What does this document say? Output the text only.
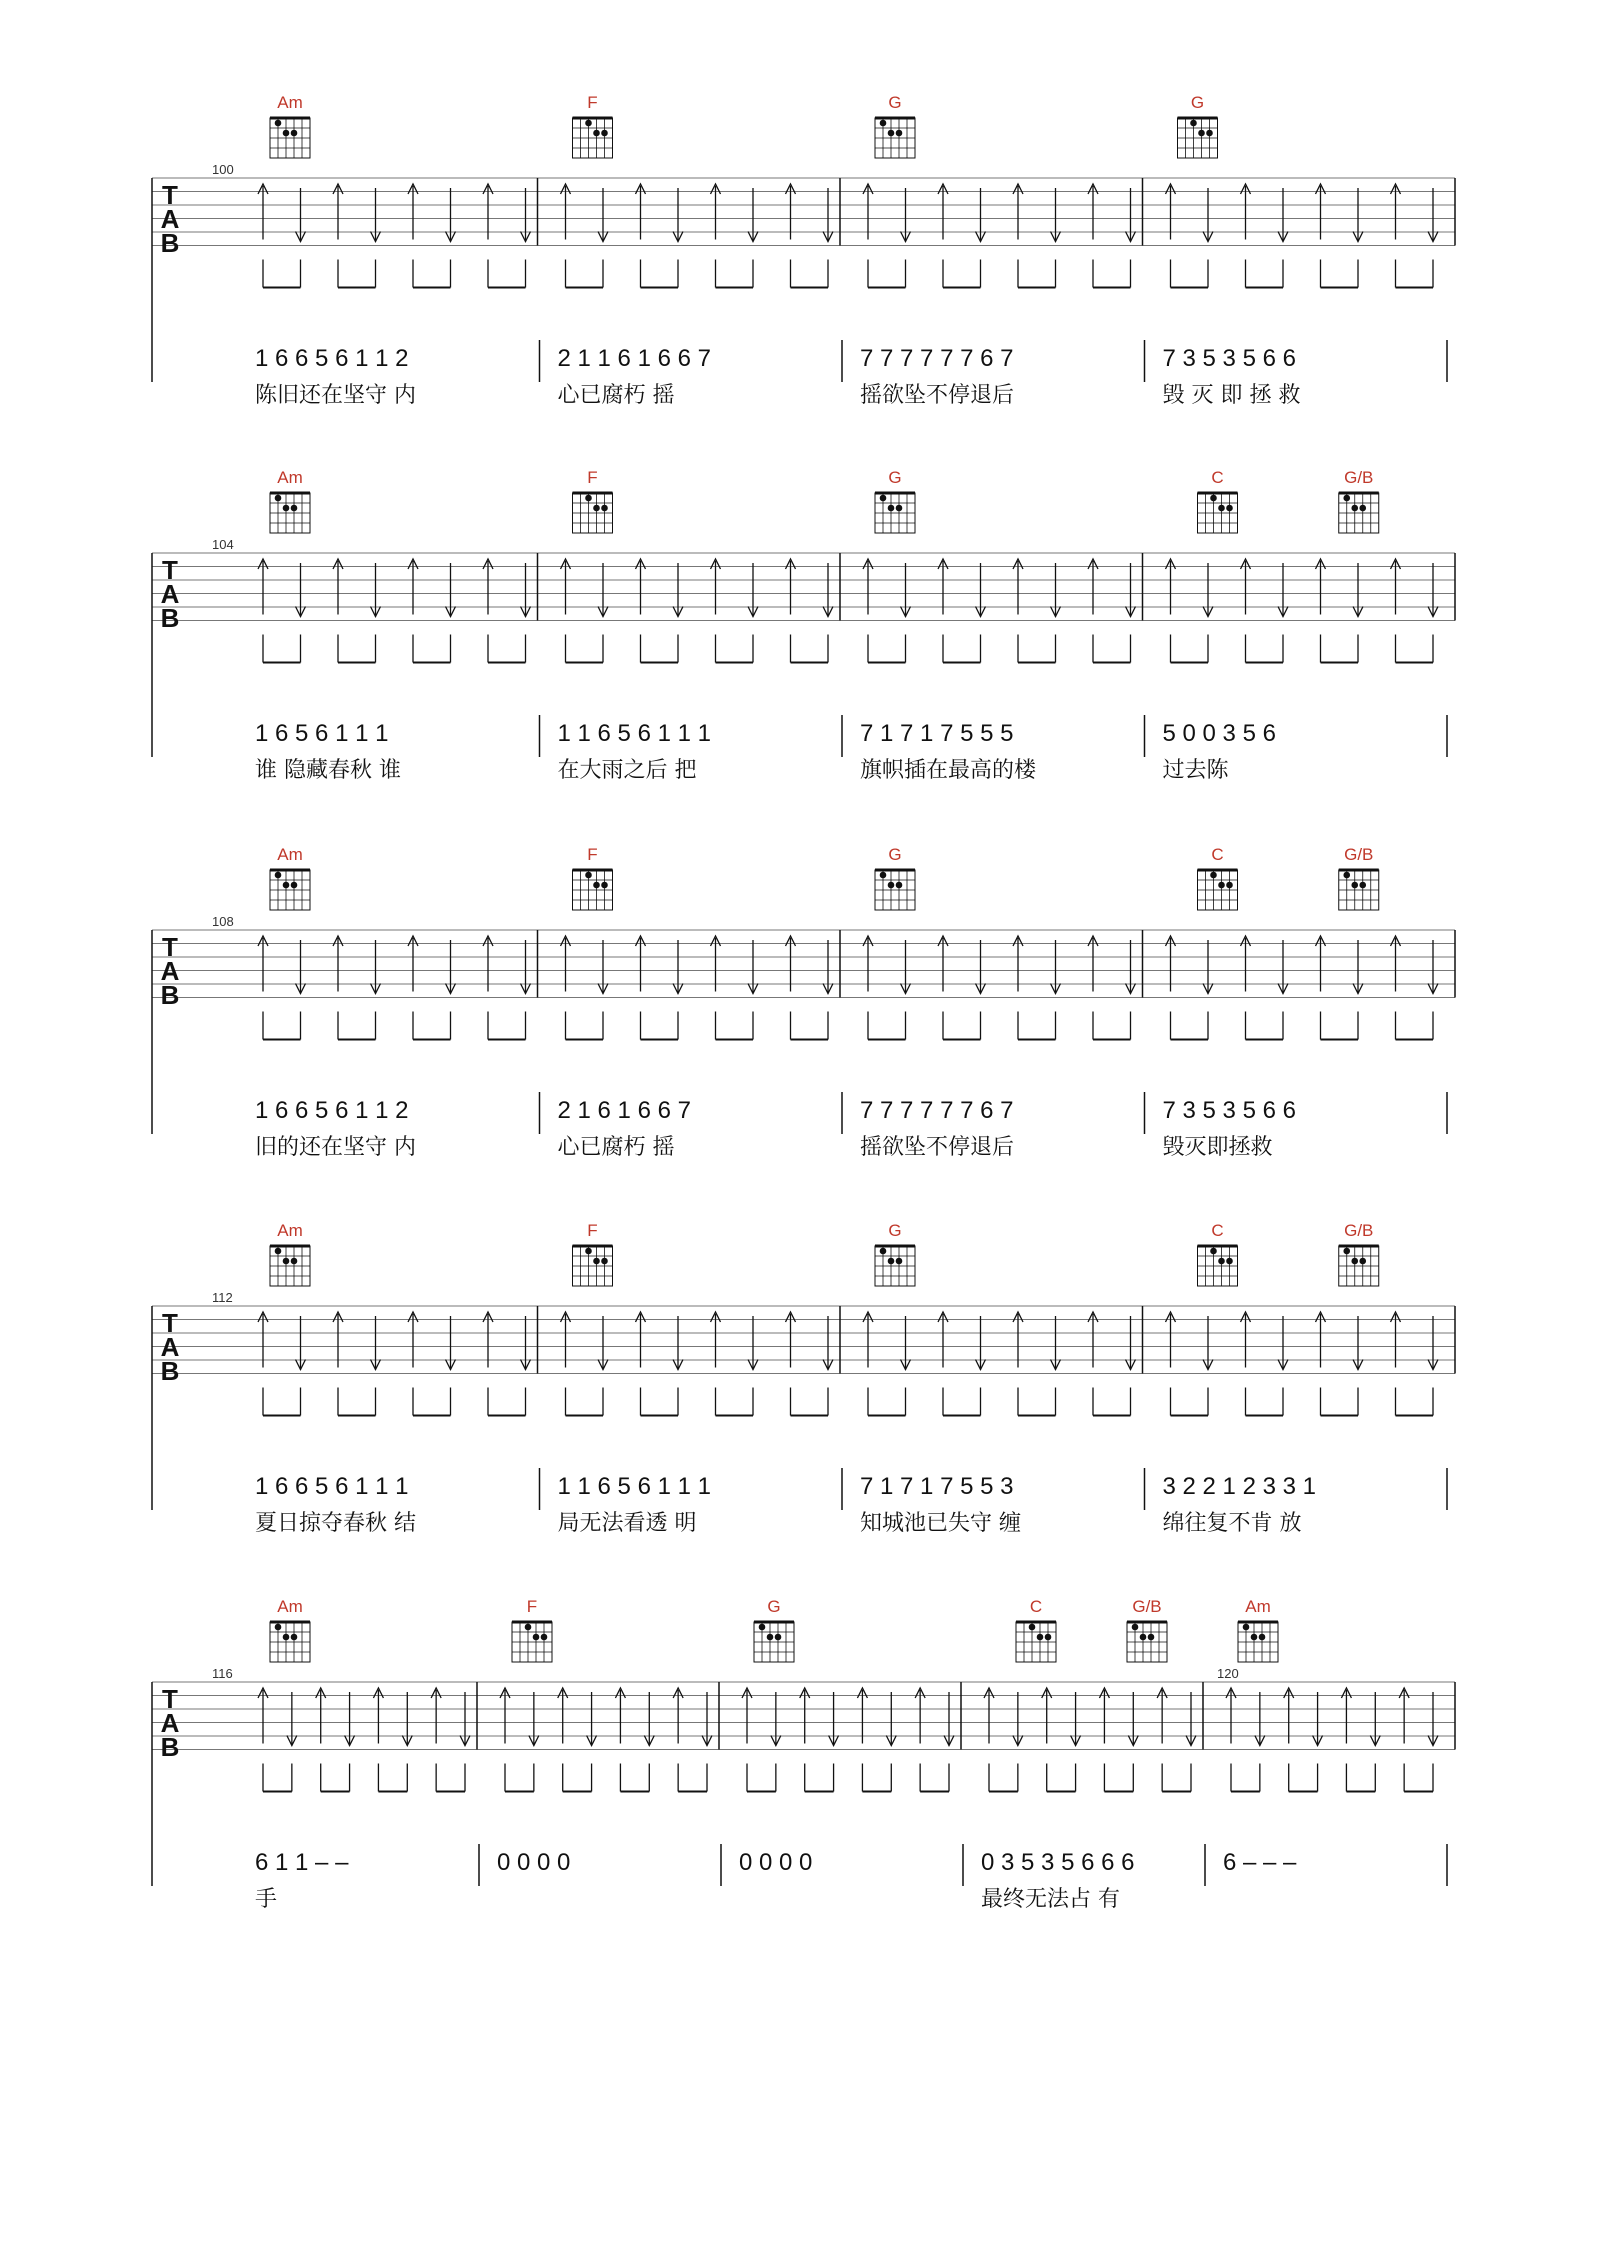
T
A
B
100
Am
1 6 6 5 6 1 1 2
陈旧还在坚守 内
F
2 1 1 6 1 6 6 7
心已腐朽 摇
G
7 7 7 7 7 7 6 7
摇欲坠不停退后
G
7 3 5 3 5 6 6
毁 灭 即 拯 救
T
A
B
104
Am
1 6 5 6 1 1 1
谁 隐藏春秋 谁
F
1 1 6 5 6 1 1 1
在大雨之后 把
G
7 1 7 1 7 5 5 5
旗帜插在最高的楼
C	G/B
5 0 0 3 5 6
过去陈
T
A
B
108
Am
1 6 6 5 6 1 1 2
旧的还在坚守 内
F
2 1 6 1 6 6 7
心已腐朽 摇
G
7 7 7 7 7 7 6 7
摇欲坠不停退后
C	G/B
7 3 5 3 5 6 6
毁灭即拯救
T
A
B
112
Am
1 6 6 5 6 1 1 1
夏日掠夺春秋 结
F
1 1 6 5 6 1 1 1
局无法看透 明
G
7 1 7 1 7 5 5 3
知城池已失守 缠
C	G/B
3 2 2 1 2 3 3 1
绵往复不肯 放
T
A
B
116
Am
6 1 1 – –
手
F
0 0 0 0
G
0 0 0 0
C	G/B
0 3 5 3 5 6 6 6
最终无法占 有
Am
6 – – –
120
